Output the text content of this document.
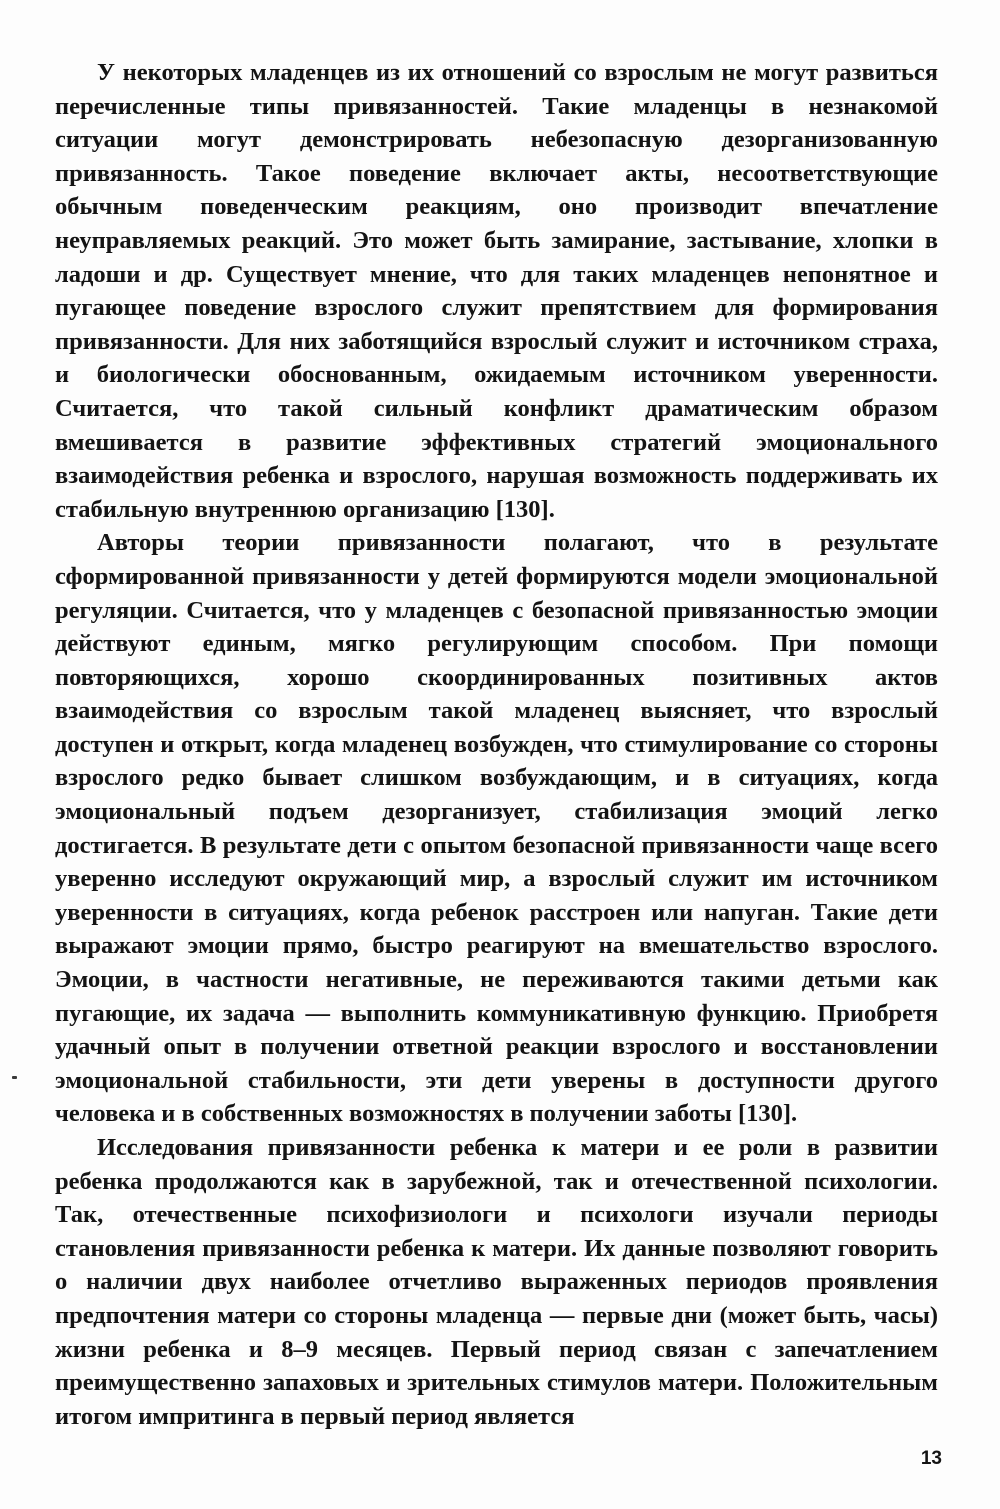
У некоторых младенцев из их отношений со взрослым не могут развиться перечисленные типы привязанностей. Такие младенцы в незнакомой ситуации могут демонстрировать небезопасную дезорганизованную привязанность. Такое поведение включает акты, несоответствующие обычным поведенческим реакциям, оно производит впечатление неуправляемых реакций. Это может быть замирание, застывание, хлопки в ладоши и др. Существует мнение, что для таких младенцев непонятное и пугающее поведение взрослого служит препятствием для формирования привязанности. Для них заботящийся взрослый служит и источником страха, и биологически обоснованным, ожидаемым источником уверенности. Считается, что такой сильный конфликт драматическим образом вмешивается в развитие эффективных стратегий эмоционального взаимодействия ребенка и взрослого, нарушая возможность поддерживать их стабильную внутреннюю организацию [130].

Авторы теории привязанности полагают, что в результате сформированной привязанности у детей формируются модели эмоциональной регуляции. Считается, что у младенцев с безопасной привязанностью эмоции действуют единым, мягко регулирующим способом. При помощи повторяющихся, хорошо скоординированных позитивных актов взаимодействия со взрослым такой младенец выясняет, что взрослый доступен и открыт, когда младенец возбужден, что стимулирование со стороны взрослого редко бывает слишком возбуждающим, и в ситуациях, когда эмоциональный подъем дезорганизует, стабилизация эмоций легко достигается. В результате дети с опытом безопасной привязанности чаще всего уверенно исследуют окружающий мир, а взрослый служит им источником уверенности в ситуациях, когда ребенок расстроен или напуган. Такие дети выражают эмоции прямо, быстро реагируют на вмешательство взрослого. Эмоции, в частности негативные, не переживаются такими детьми как пугающие, их задача — выполнить коммуникативную функцию. Приобретя удачный опыт в получении ответной реакции взрослого и восстановлении эмоциональной стабильности, эти дети уверены в доступности другого человека и в собственных возможностях в получении заботы [130].

Исследования привязанности ребенка к матери и ее роли в развитии ребенка продолжаются как в зарубежной, так и отечественной психологии. Так, отечественные психофизиологи и психологи изучали периоды становления привязанности ребенка к матери. Их данные позволяют говорить о наличии двух наиболее отчетливо выраженных периодов проявления предпочтения матери со стороны младенца — первые дни (может быть, часы) жизни ребенка и 8–9 месяцев. Первый период связан с запечатлением преимущественно запаховых и зрительных стимулов матери. Положительным итогом импритинга в первый период является

13
